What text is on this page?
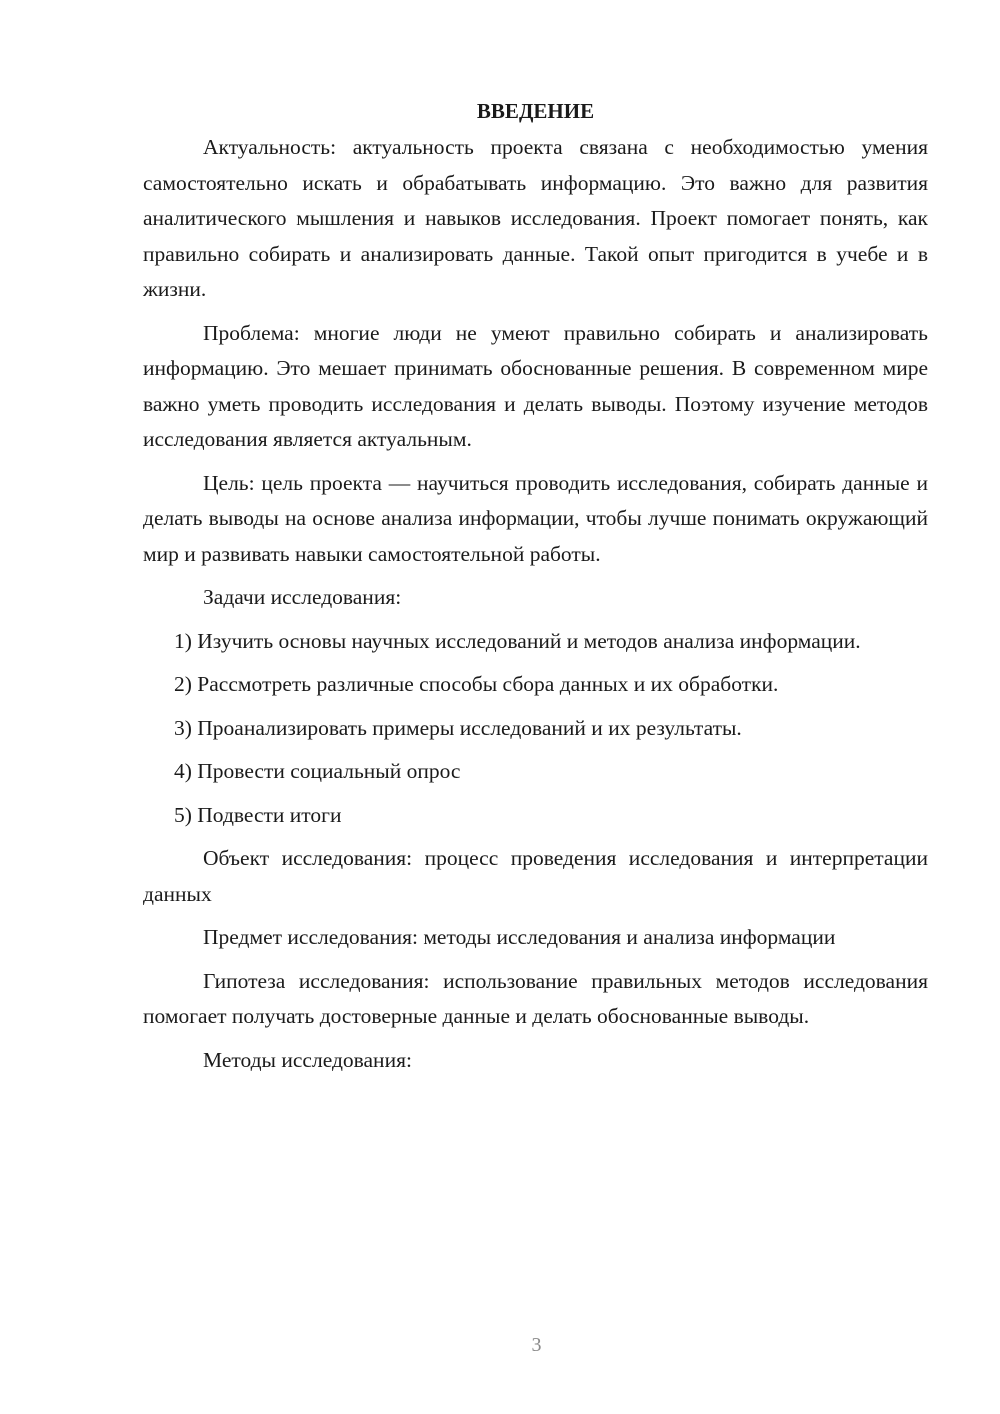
ВВЕДЕНИЕ

Актуальность: актуальность проекта связана с необходимостью умения самостоятельно искать и обрабатывать информацию. Это важно для развития аналитического мышления и навыков исследования. Проект помогает понять, как правильно собирать и анализировать данные. Такой опыт пригодится в учебе и в жизни.

Проблема: многие люди не умеют правильно собирать и анализировать информацию. Это мешает принимать обоснованные решения. В современном мире важно уметь проводить исследования и делать выводы. Поэтому изучение методов исследования является актуальным.

Цель: цель проекта — научиться проводить исследования, собирать данные и делать выводы на основе анализа информации, чтобы лучше понимать окружающий мир и развивать навыки самостоятельной работы.

Задачи исследования:

1) Изучить основы научных исследований и методов анализа информации.

2) Рассмотреть различные способы сбора данных и их обработки.

3) Проанализировать примеры исследований и их результаты.

4) Провести социальный опрос

5) Подвести итоги

Объект исследования: процесс проведения исследования и интерпретации данных

Предмет исследования: методы исследования и анализа информации

Гипотеза исследования: использование правильных методов исследования помогает получать достоверные данные и делать обоснованные выводы.

Методы исследования:

3
